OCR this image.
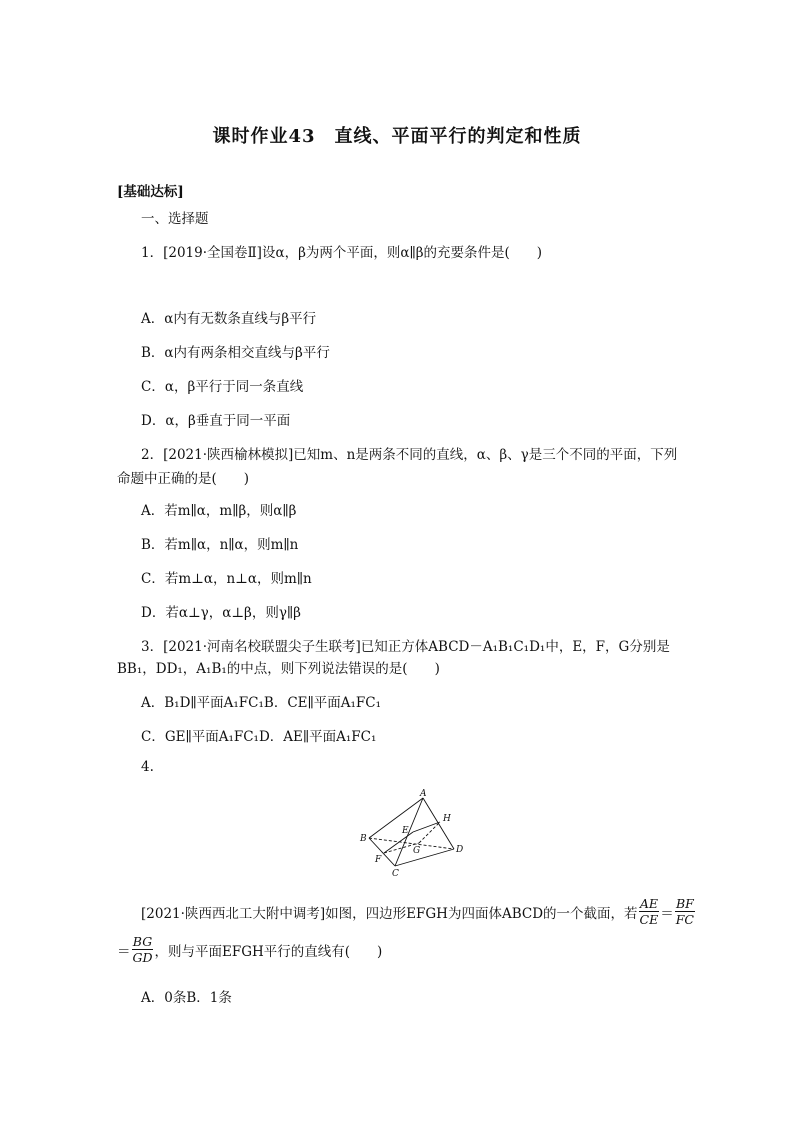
课时作业43　直线、平面平行的判定和性质
[基础达标]
一、选择题
1．[2019·全国卷Ⅱ]设α，β为两个平面，则α∥β的充要条件是(　　)
A．α内有无数条直线与β平行
B．α内有两条相交直线与β平行
C．α，β平行于同一条直线
D．α，β垂直于同一平面
2．[2021·陕西榆林模拟]已知m、n是两条不同的直线，α、β、γ是三个不同的平面，下列
命题中正确的是(　　)
A．若m∥α，m∥β，则α∥β
B．若m∥α，n∥α，则m∥n
C．若m⊥α，n⊥α，则m∥n
D．若α⊥γ，α⊥β，则γ∥β
3．[2021·河南名校联盟尖子生联考]已知正方体ABCD－A₁B₁C₁D₁中，E，F，G分别是
BB₁，DD₁，A₁B₁的中点，则下列说法错误的是(　　)
A．B₁D∥平面A₁FC₁B．CE∥平面A₁FC₁
C．GE∥平面A₁FC₁D．AE∥平面A₁FC₁
4.
A
B
C
D
E
F
G
H
[2021·陕西西北工大附中调考]如图，四边形EFGH为四面体ABCD的一个截面，若 $\frac{AE}{CE} = \frac{BF}{FC}$
＝ $\frac{BG}{GD}$ ，则与平面EFGH平行的直线有(　　)
A．0条B．1条
